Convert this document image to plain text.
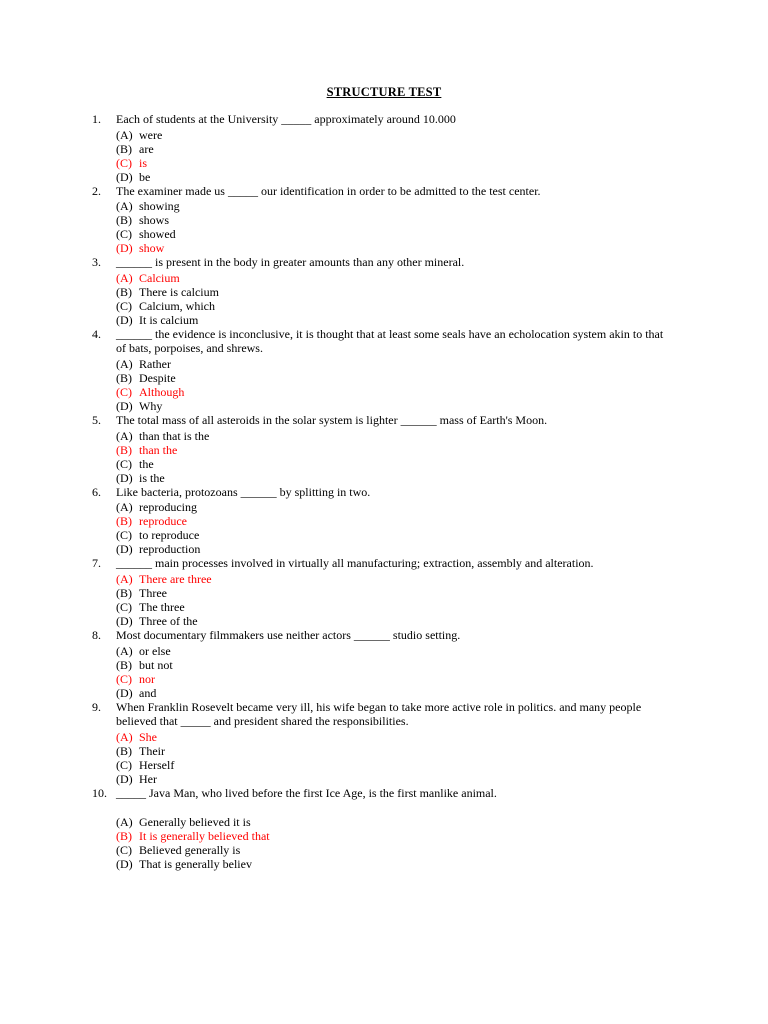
STRUCTURE TEST
1. Each of students at the University _____ approximately around 10.000
(A) were
(B) are
(C) is
(D) be
2. The examiner made us _____ our identification in order to be admitted to the test center.
(A) showing
(B) shows
(C) showed
(D) show
3. ______ is present in the body in greater amounts than any other mineral.
(A) Calcium
(B) There is calcium
(C) Calcium, which
(D) It is calcium
4. ______ the evidence is inconclusive, it is thought that at least some seals have an echolocation system akin to that of bats, porpoises, and shrews.
(A) Rather
(B) Despite
(C) Although
(D) Why
5. The total mass of all asteroids in the solar system is lighter ______ mass of Earth's Moon.
(A) than that is the
(B) than the
(C) the
(D) is the
6. Like bacteria, protozoans ______ by splitting in two.
(A) reproducing
(B) reproduce
(C) to reproduce
(D) reproduction
7. ______ main processes involved in virtually all manufacturing; extraction, assembly and alteration.
(A) There are three
(B) Three
(C) The three
(D) Three of the
8. Most documentary filmmakers use neither actors ______ studio setting.
(A) or else
(B) but not
(C) nor
(D) and
9. When Franklin Rosevelt became very ill, his wife began to take more active role in politics. and many people believed that _____ and president shared the responsibilities.
(A) She
(B) Their
(C) Herself
(D) Her
10. _____ Java Man, who lived before the first Ice Age, is the first manlike animal.
(A) Generally believed it is
(B) It is generally believed that
(C) Believed generally is
(D) That is generally believ
